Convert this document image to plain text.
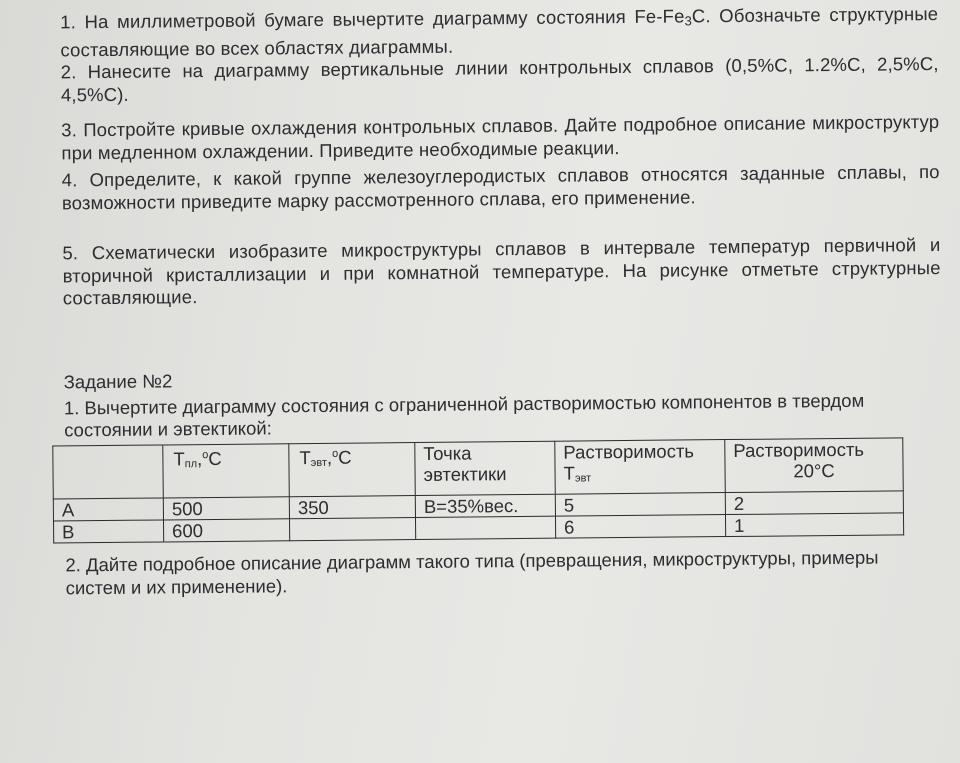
1. На миллиметровой бумаге вычертите диаграмму состояния $Fe-Fe_3C$. Обозначьте структурные составляющие во всех областях диаграммы.
2. Нанесите на диаграмму вертикальные линии контрольных сплавов (0,5%С, 1.2%С, 2,5%С, 4,5%С).
3. Постройте кривые охлаждения контрольных сплавов. Дайте подробное описание микроструктур при медленном охлаждении. Приведите необходимые реакции.
4. Определите, к какой группе железоуглеродистых сплавов относятся заданные сплавы, по возможности приведите марку рассмотренного сплава, его применение.
5. Схематически изобразите микроструктуры сплавов в интервале температур первичной и вторичной кристаллизации и при комнатной температуре. На рисунке отметьте структурные составляющие.
Задание №2
1. Вычертите диаграмму состояния с ограниченной растворимостью компонентов в твердом состоянии и эвтектикой:
	$T_{пл},^oC$	$T_{эвт},^oC$	Точка эвтектики	Растворимость $T_{эвт}$	Растворимость
20°С

A	500	350	B=35%вес.	5	2
B	600			6	1
2. Дайте подробное описание диаграмм такого типа (превращения, микроструктуры, примеры систем и их применение).
